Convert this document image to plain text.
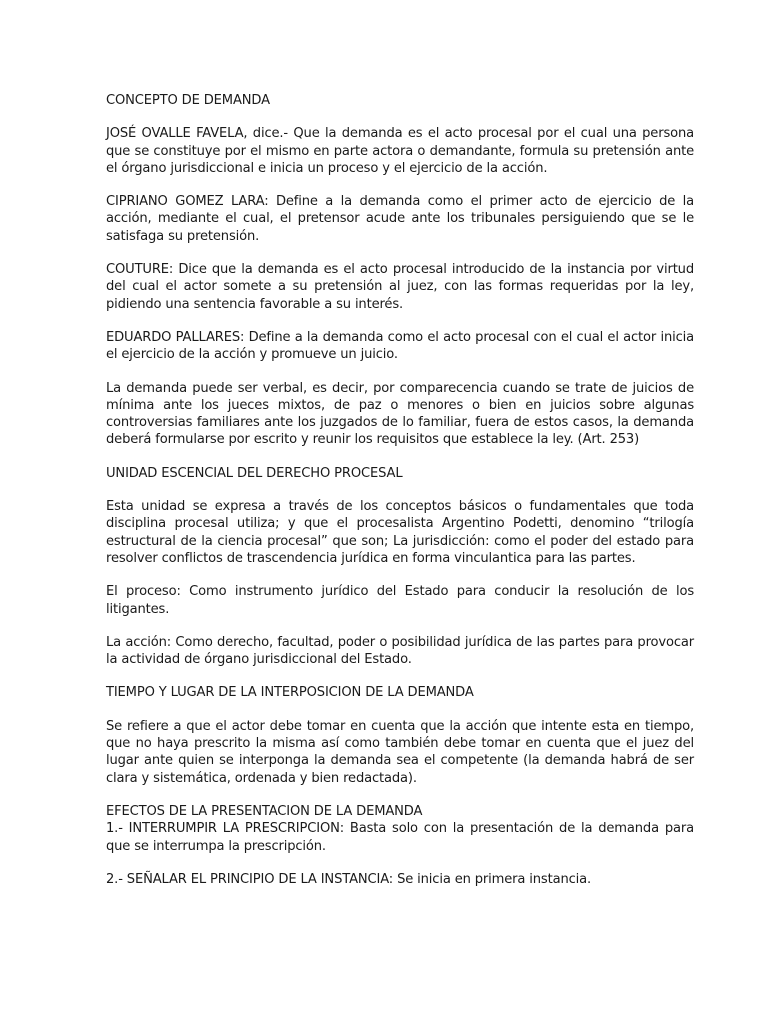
CONCEPTO DE DEMANDA

JOSÉ OVALLE FAVELA, dice.- Que la demanda es el acto procesal por el cual una persona que se constituye por el mismo en parte actora o demandante, formula su pretensión ante el órgano jurisdiccional e inicia un proceso y el ejercicio de la acción.

CIPRIANO GOMEZ LARA: Define a la demanda como el primer acto de ejercicio de la acción, mediante el cual, el pretensor acude ante los tribunales persiguiendo que se le satisfaga su pretensión.

COUTURE: Dice que la demanda es el acto procesal introducido de la instancia por virtud del cual el actor somete a su pretensión al juez, con las formas requeridas por la ley, pidiendo una sentencia favorable a su interés.

EDUARDO PALLARES: Define a la demanda como el acto procesal con el cual el actor inicia el ejercicio de la acción y promueve un juicio.

La demanda puede ser verbal, es decir, por comparecencia cuando se trate de juicios de mínima ante los jueces mixtos, de paz o menores o bien en juicios sobre algunas controversias familiares ante los juzgados de lo familiar, fuera de estos casos, la demanda deberá formularse por escrito y reunir los requisitos que establece la ley. (Art. 253)

UNIDAD ESCENCIAL DEL DERECHO PROCESAL

Esta unidad se expresa a través de los conceptos básicos o fundamentales que toda disciplina procesal utiliza; y que el procesalista Argentino Podetti, denomino “trilogía estructural de la ciencia procesal” que son; La jurisdicción: como el poder del estado para resolver conflictos de trascendencia jurídica en forma vinculantica para las partes.

El proceso: Como instrumento jurídico del Estado para conducir la resolución de los litigantes.

La acción: Como derecho, facultad, poder o posibilidad jurídica de las partes para provocar la actividad de órgano jurisdiccional del Estado.

TIEMPO Y LUGAR DE LA INTERPOSICION DE LA DEMANDA

Se refiere a que el actor debe tomar en cuenta que la acción que intente esta en tiempo, que no haya prescrito la misma así como también debe tomar en cuenta que el juez del lugar ante quien se interponga la demanda sea el competente (la demanda habrá de ser clara y sistemática, ordenada y bien redactada).

EFECTOS DE LA PRESENTACION DE LA DEMANDA

1.- INTERRUMPIR LA PRESCRIPCION: Basta solo con la presentación de la demanda para que se interrumpa la prescripción.

2.- SEÑALAR EL PRINCIPIO DE LA INSTANCIA: Se inicia en primera instancia.
